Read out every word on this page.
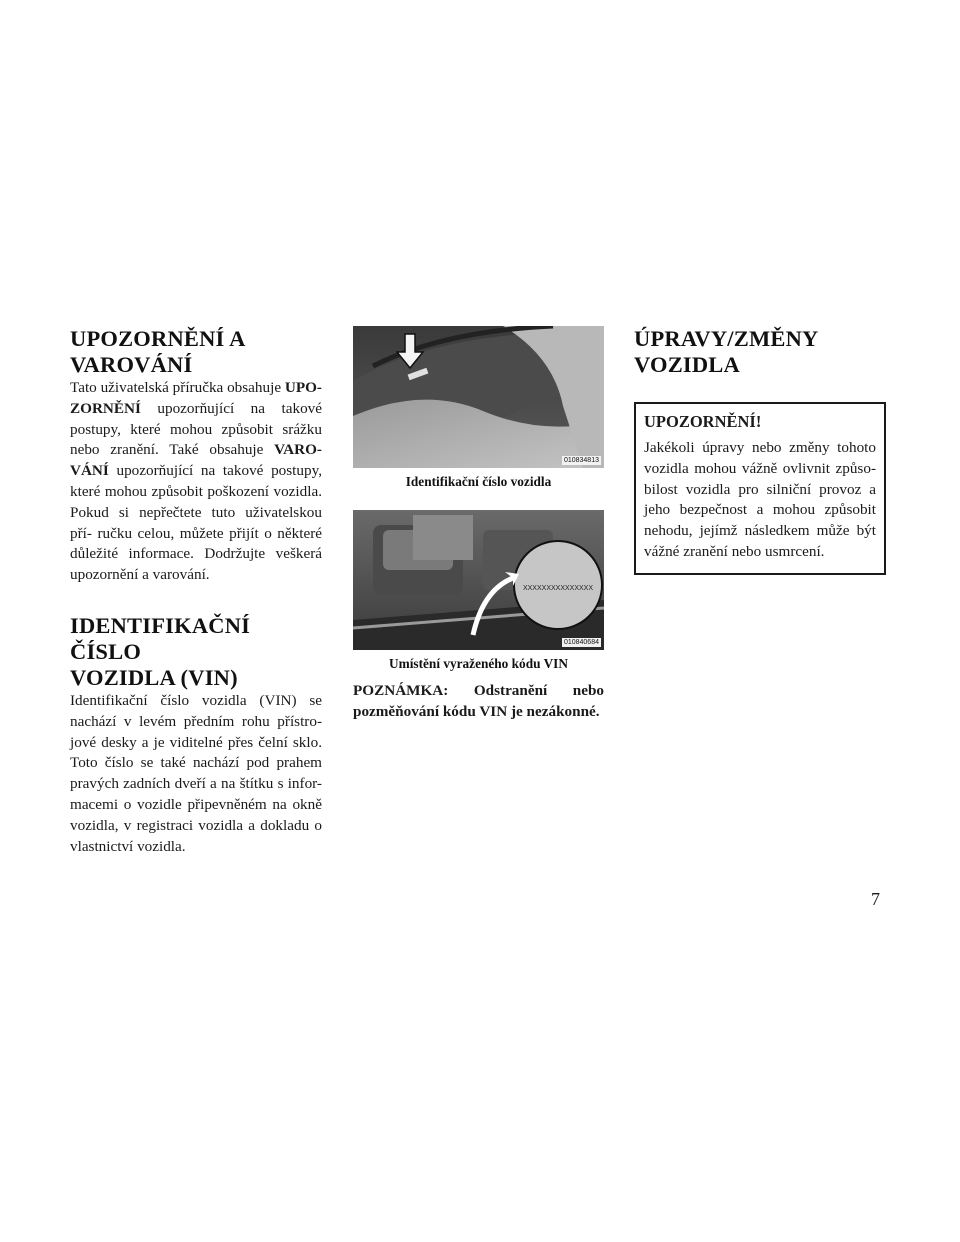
UPOZORNĚNÍ A
VAROVÁNÍ

Tato uživatelská příručka obsahuje UPO- ZORNĚNÍ upozorňující na takové postupy, které mohou způsobit srážku nebo zranění. Také obsahuje VARO- VÁNÍ upozorňující na takové postupy, které mohou způsobit poškození vozidla. Pokud si nepřečtete tuto uživatelskou pří- ručku celou, můžete přijít o některé důležité informace. Dodržujte veškerá upozornění a varování.

IDENTIFIKAČNÍ ČÍSLO
VOZIDLA (VIN)

Identifikační číslo vozidla (VIN) se nachází v levém předním rohu přístro- jové desky a je viditelné přes čelní sklo. Toto číslo se také nachází pod prahem pravých zadních dveří a na štítku s infor- macemi o vozidle připevněném na okně vozidla, v registraci vozidla a dokladu o vlastnictví vozidla.

010834813

Identifikační číslo vozidla

XXXXXXXXXXXXXXX
010840684

Umístění vyraženého kódu VIN

POZNÁMKA: Odstranění nebo
pozměňování kódu VIN je nezákonné.

ÚPRAVY/ZMĚNY
VOZIDLA
UPOZORNĚNÍ!

Jakékoli úpravy nebo změny tohoto vozidla mohou vážně ovlivnit způso- bilost vozidla pro silniční provoz a jeho bezpečnost a mohou způsobit nehodu, jejímž následkem může být vážné zranění nebo usmrcení.

7
